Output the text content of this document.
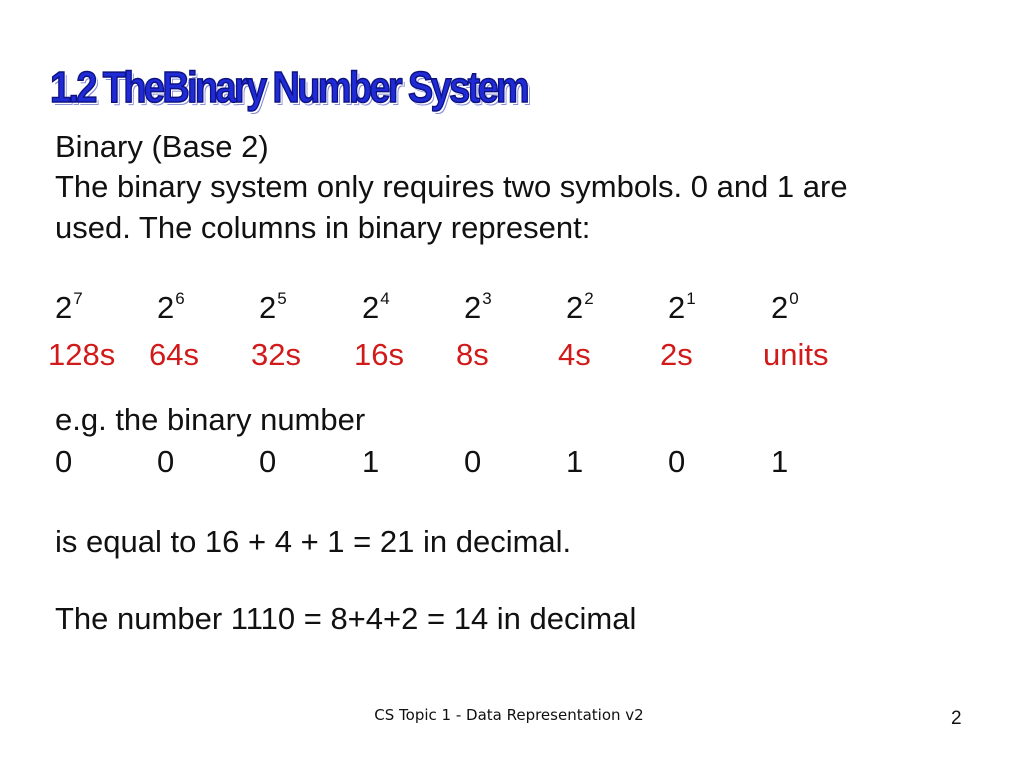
1.2 TheBinary Number System
Binary (Base 2)
The binary system only requires two symbols. 0 and 1 are
used. The columns in binary represent:
$2^7$ $2^6$ $2^5$ $2^4$ $2^3$ $2^2$ $2^1$ $2^0$
128s 64s 32s 16s 8s 4s 2s units
e.g. the binary number
0	0	0	1	0	1	0	1
is equal to 16 + 4 + 1 = 21 in decimal.
The number 1110 = 8+4+2 = 14 in decimal
CS Topic 1 - Data Representation v2	2
